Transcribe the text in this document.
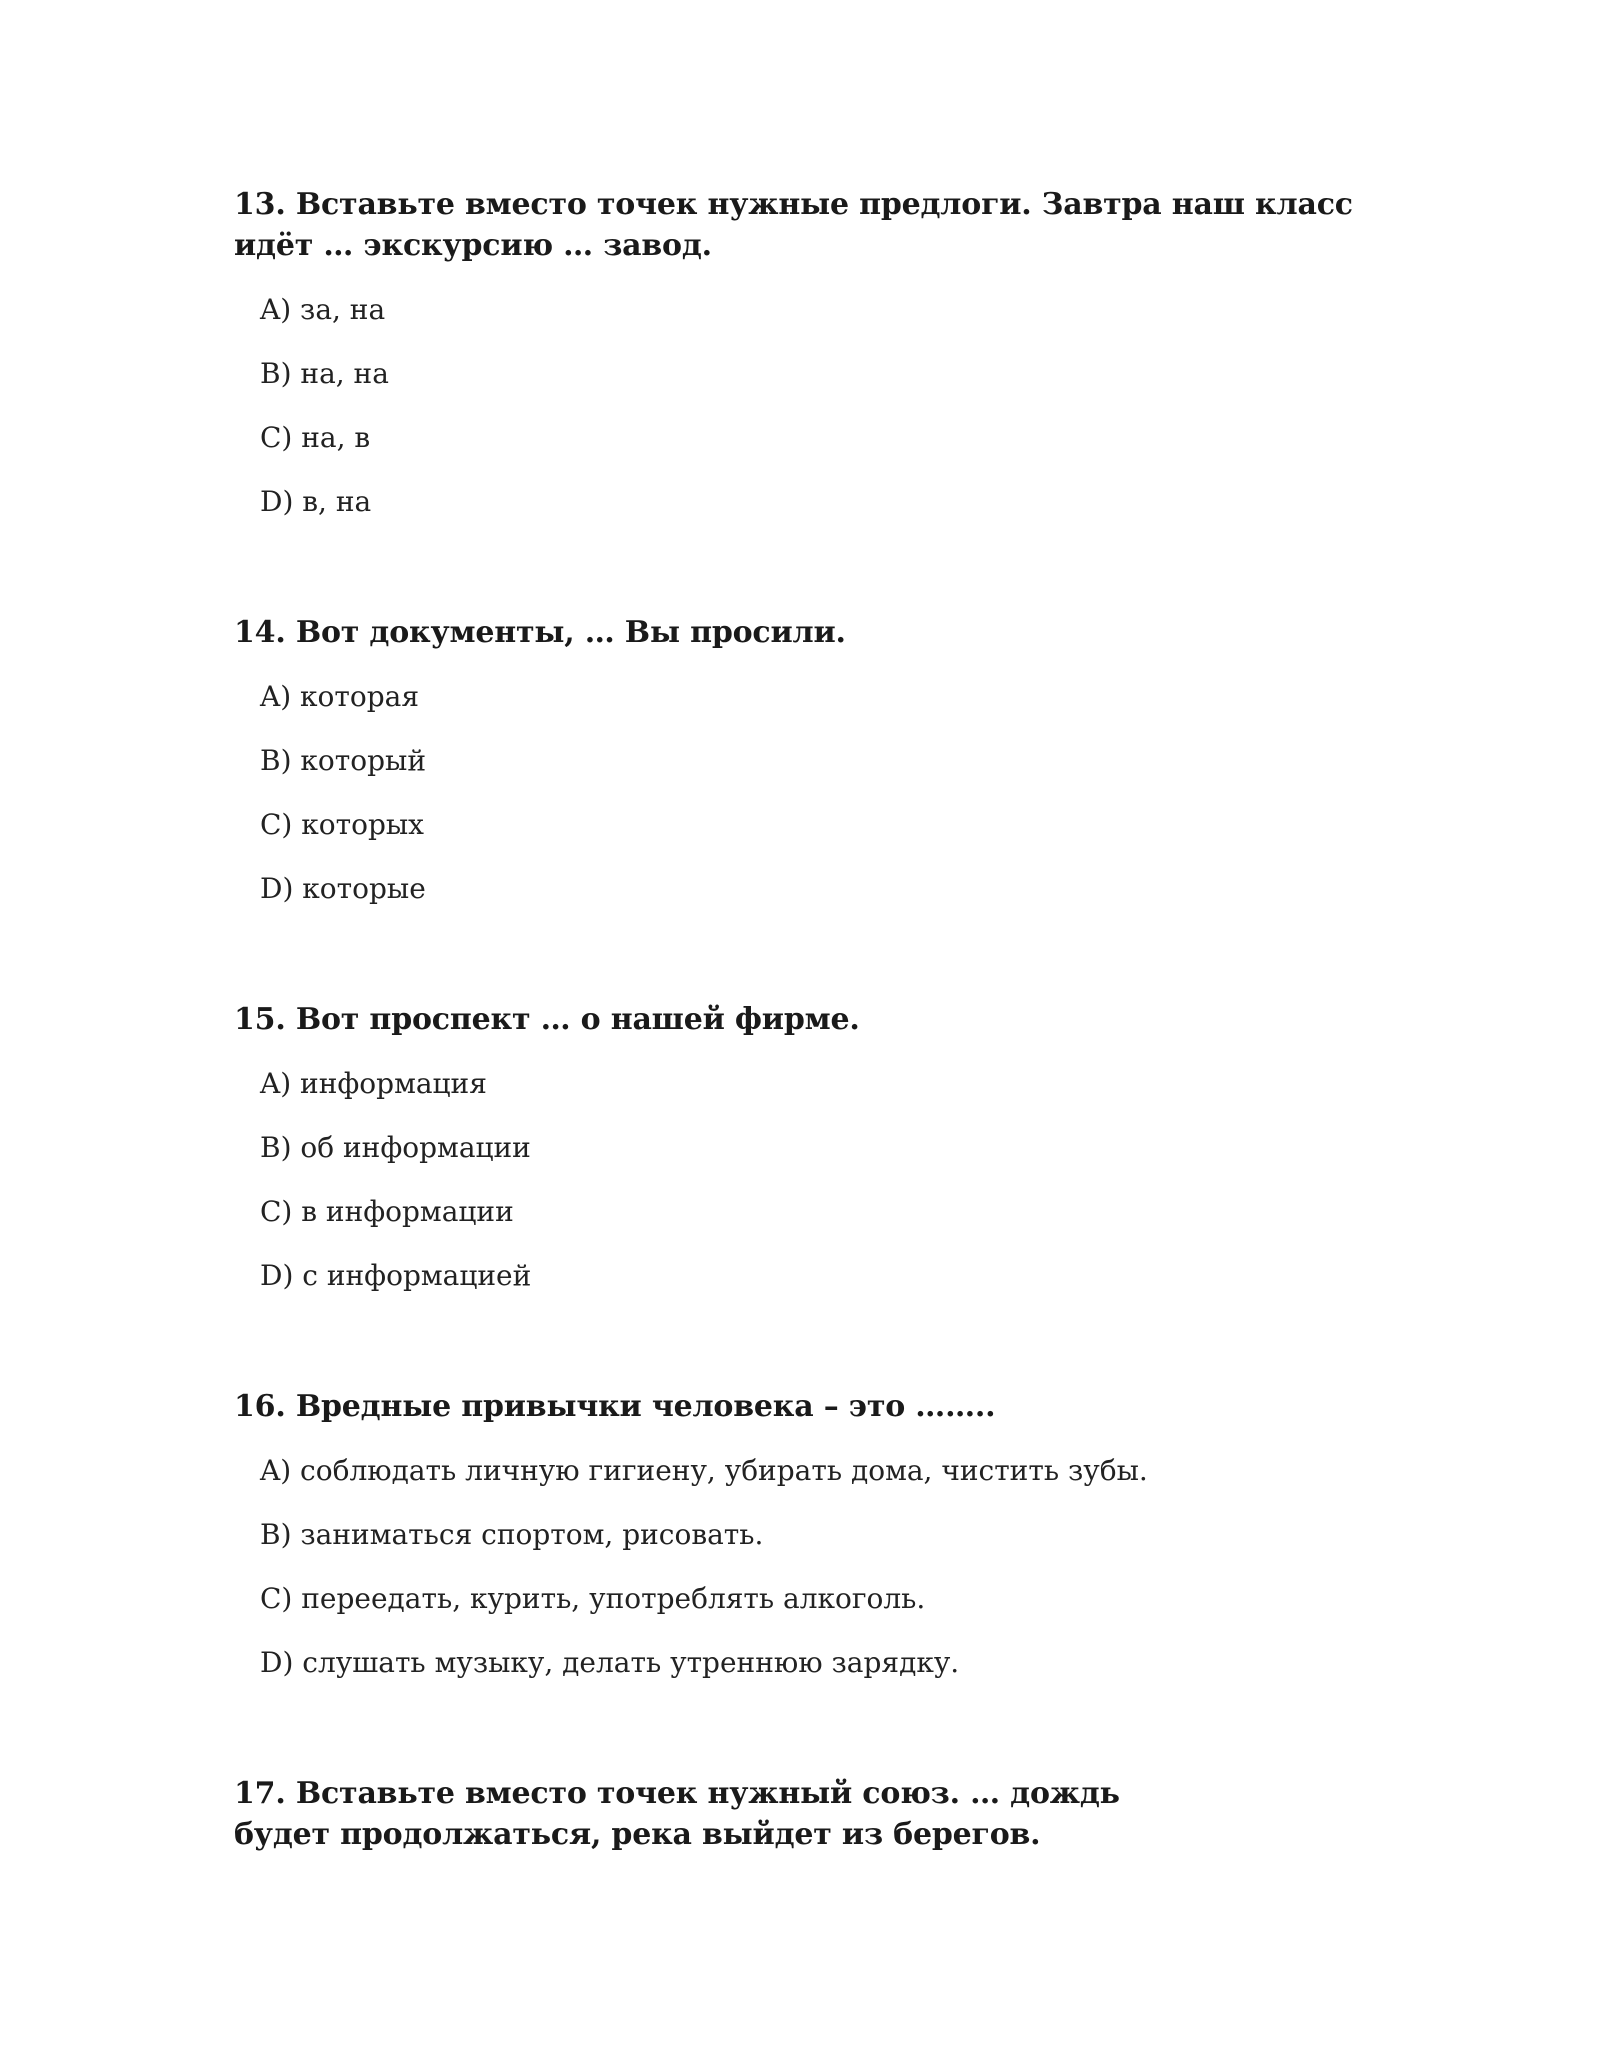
13. Вставьте вместо точек нужные предлоги. Завтра наш класс идёт … экскурсию … завод.

A) за, на
B) на, на
C) на, в
D) в, на

14. Вот документы, … Вы просили.

A) которая
B) который
C) которых
D) которые

15. Вот проспект … о нашей фирме.

A) информация
B) об информации
C) в информации
D) с информацией

16. Вредные привычки человека – это ……..

A) соблюдать личную гигиену, убирать дома, чистить зубы.
B) заниматься спортом, рисовать.
C) переедать, курить, употреблять алкоголь.
D) слушать музыку, делать утреннюю зарядку.

17. Вставьте вместо точек нужный союз. … дождь будет продолжаться, река выйдет из берегов.
